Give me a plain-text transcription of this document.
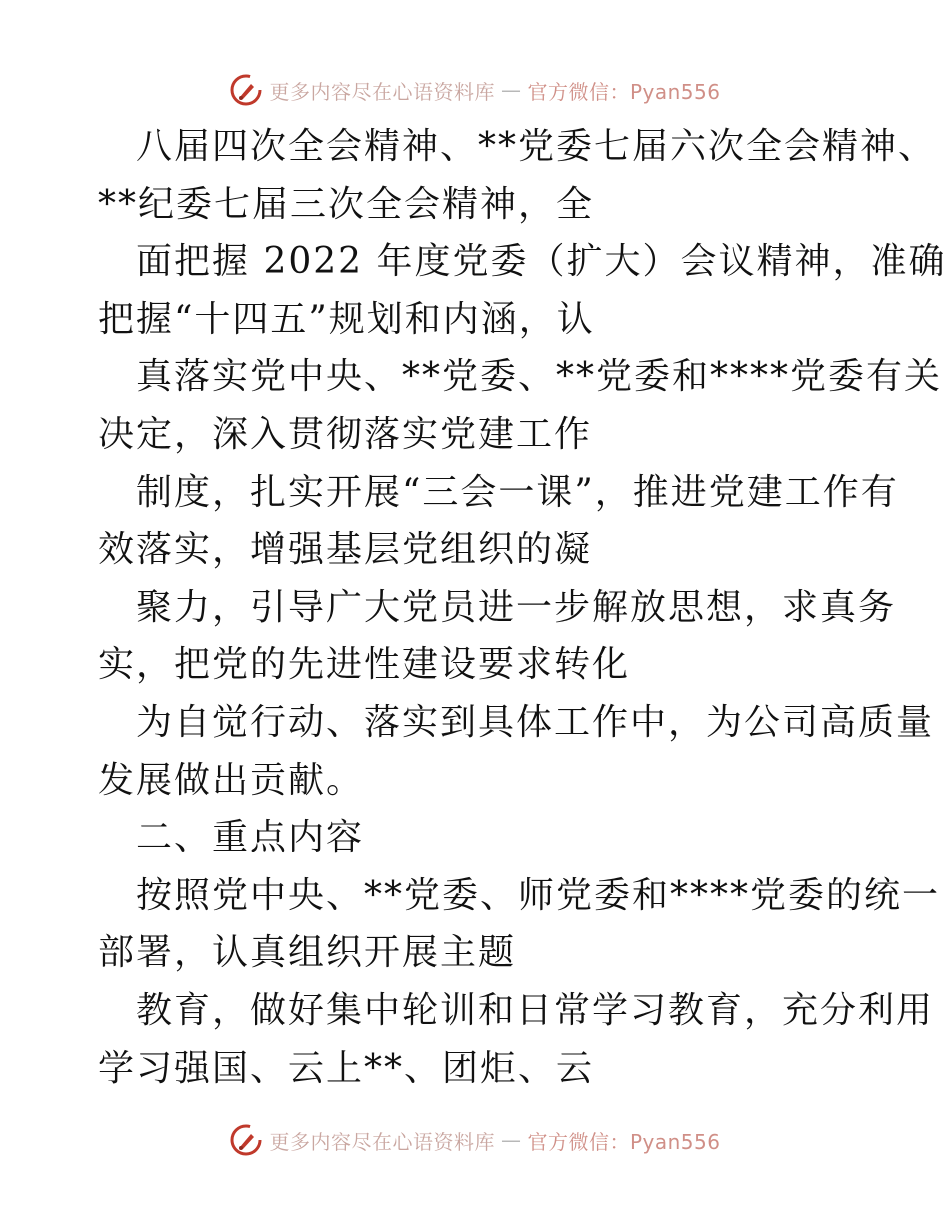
更多内容尽在心语资料库 — 官方微信：Pyan556
八届四次全会精神、**党委七届六次全会精神、
**纪委七届三次全会精神，全
面把握 2022 年度党委（扩大）会议精神，准确
把握“十四五”规划和内涵，认
真落实党中央、**党委、**党委和****党委有关
决定，深入贯彻落实党建工作
制度，扎实开展“三会一课”，推进党建工作有
效落实，增强基层党组织的凝
聚力，引导广大党员进一步解放思想，求真务
实，把党的先进性建设要求转化
为自觉行动、落实到具体工作中，为公司高质量
发展做出贡献。
二、重点内容
按照党中央、**党委、师党委和****党委的统一
部署，认真组织开展主题
教育，做好集中轮训和日常学习教育，充分利用
学习强国、云上**、团炬、云
更多内容尽在心语资料库 — 官方微信：Pyan556
